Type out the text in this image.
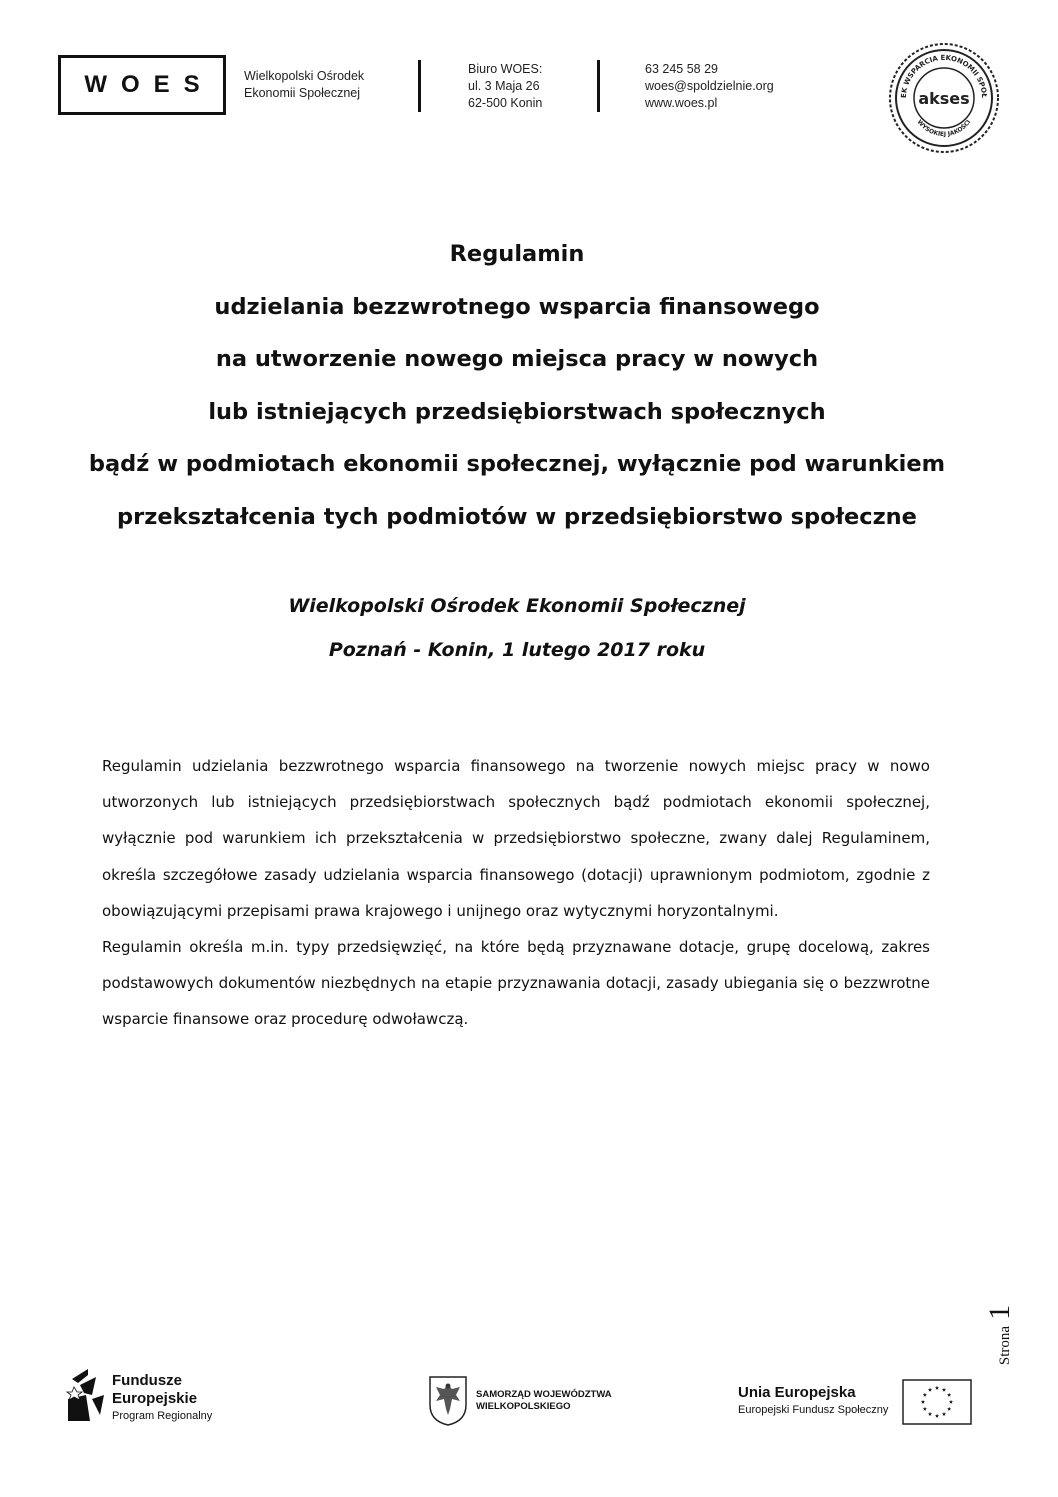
WOES Wielkopolski Ośrodek
Ekonomii Społecznej
Biuro WOES:
ul. 3 Maja 26
62-500 Konin
63 245 58 29
woes@spoldzielnie.org
www.woes.pl
EK WSPARCIA EKONOMII SPOŁ
WYSOKIEJ JAKOŚCI
akses
Regulamin
udzielania bezzwrotnego wsparcia finansowego
na utworzenie nowego miejsca pracy w nowych
lub istniejących przedsiębiorstwach społecznych
bądź w podmiotach ekonomii społecznej, wyłącznie pod warunkiem
przekształcenia tych podmiotów w przedsiębiorstwo społeczne
Wielkopolski Ośrodek Ekonomii Społecznej
Poznań - Konin, 1 lutego 2017 roku

Regulamin udzielania bezzwrotnego wsparcia finansowego na tworzenie nowych miejsc pracy w nowo utworzonych lub istniejących przedsiębiorstwach społecznych bądź podmiotach ekonomii społecznej, wyłącznie pod warunkiem ich przekształcenia w przedsiębiorstwo społeczne, zwany dalej Regulaminem, określa szczegółowe zasady udzielania wsparcia finansowego (dotacji) uprawnionym podmiotom, zgodnie z obowiązującymi przepisami prawa krajowego i unijnego oraz wytycznymi horyzontalnymi.

Regulamin określa m.in. typy przedsięwzięć, na które będą przyznawane dotacje, grupę docelową, zakres podstawowych dokumentów niezbędnych na etapie przyznawania dotacji, zasady ubiegania się o bezzwrotne wsparcie finansowe oraz procedurę odwoławczą.

Strona1
Fundusze
Europejskie
Program Regionalny
SAMORZĄD WOJEWÓDZTWA
WIELKOPOLSKIEGO
Unia Europejska
Europejski Fundusz Społeczny
